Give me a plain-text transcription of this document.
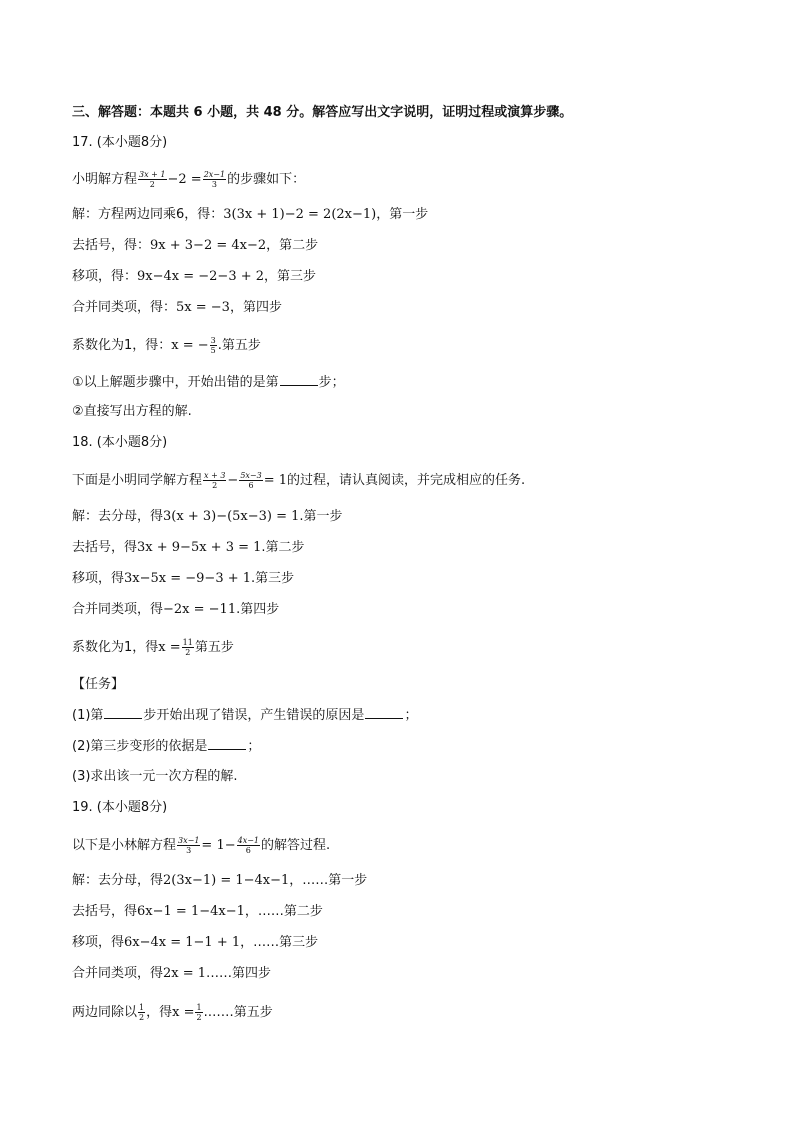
三、解答题：本题共 6 小题，共 48 分。解答应写出文字说明，证明过程或演算步骤。
17. (本小题8分)
小明解方程 $\frac{3x + 1}{2} -2 = \frac{2x-1}{3}$ 的步骤如下：
解：方程两边同乘6，得：3(3x + 1)−2 = 2(2x−1)，第一步
去括号，得：9x + 3−2 = 4x−2，第二步
移项，得：9x−4x = −2−3 + 2，第三步
合并同类项，得：5x = −3，第四步
系数化为1，得：x = − $\frac{3}{5}$ .第五步
①以上解题步骤中，开始出错的是第	步；
②直接写出方程的解.
18. (本小题8分)
下面是小明同学解方程 $\frac{x + 3}{2} - \frac{5x-3}{6} = 1$的过程，请认真阅读，并完成相应的任务.
解：去分母，得3(x + 3)−(5x−3) = 1.第一步
去括号，得3x + 9−5x + 3 = 1.第二步
移项，得3x−5x = −9−3 + 1.第三步
合并同类项，得−2x = −11.第四步
系数化为1，得$x = \frac{11}{2}$ 第五步
【任务】
(1)第	步开始出现了错误，产生错误的原因是	；
(2)第三步变形的依据是	；
(3)求出该一元一次方程的解.
19. (本小题8分)
以下是小林解方程 $\frac{3x-1}{3} = 1- \frac{4x-1}{6}$ 的解答过程.
解：去分母，得2(3x−1) = 1−4x−1，……第一步
去括号，得6x−1 = 1−4x−1，……第二步
移项，得6x−4x = 1−1 + 1，……第三步
合并同类项，得2x = 1……第四步
两边同除以 $\frac{1}{2}$ ，得$x = \frac{1}{2}$ .……第五步
